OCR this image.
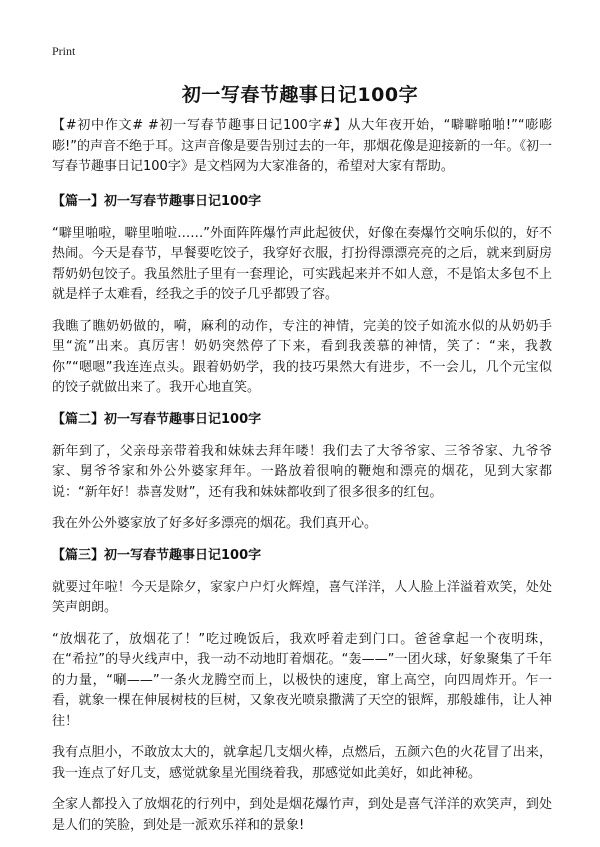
Print
初一写春节趣事日记100字

【#初中作文# #初一写春节趣事日记100字#】从大年夜开始，“噼噼啪啪!”“嘭嘭嘭!”的声音不绝于耳。这声音像是要告别过去的一年，那烟花像是迎接新的一年。《初一写春节趣事日记100字》是文档网为大家准备的，希望对大家有帮助。

【篇一】初一写春节趣事日记100字

“噼里啪啦，噼里啪啦……”外面阵阵爆竹声此起彼伏，好像在奏爆竹交响乐似的，好不热闹。今天是春节，早餐要吃饺子，我穿好衣服，打扮得漂漂亮亮的之后，就来到厨房帮奶奶包饺子。我虽然肚子里有一套理论，可实践起来并不如人意，不是馅太多包不上就是样子太难看，经我之手的饺子几乎都毁了容。

我瞧了瞧奶奶做的，嗬，麻利的动作，专注的神情，完美的饺子如流水似的从奶奶手里“流”出来。真厉害！奶奶突然停了下来，看到我羡慕的神情，笑了：“来，我教你”“嗯嗯”我连连点头。跟着奶奶学，我的技巧果然大有进步，不一会儿，几个元宝似的饺子就做出来了。我开心地直笑。

【篇二】初一写春节趣事日记100字

新年到了，父亲母亲带着我和妹妹去拜年喽！我们去了大爷爷家、三爷爷家、九爷爷家、舅爷爷家和外公外婆家拜年。一路放着很响的鞭炮和漂亮的烟花，见到大家都说：“新年好！恭喜发财”，还有我和妹妹都收到了很多很多的红包。

我在外公外婆家放了好多好多漂亮的烟花。我们真开心。

【篇三】初一写春节趣事日记100字

就要过年啦！今天是除夕，家家户户灯火辉煌，喜气洋洋，人人脸上洋溢着欢笑，处处笑声朗朗。

“放烟花了，放烟花了！”吃过晚饭后，我欢呼着走到门口。爸爸拿起一个夜明珠，在“希拉”的导火线声中，我一动不动地盯着烟花。“轰——”一团火球，好象聚集了千年的力量，“唰——”一条火龙腾空而上，以极快的速度，窜上高空，向四周炸开。乍一看，就象一棵在伸展树枝的巨树，又象夜光喷泉撒满了天空的银辉，那般雄伟，让人神往！

我有点胆小，不敢放太大的，就拿起几支烟火棒，点燃后，五颜六色的火花冒了出来，我一连点了好几支，感觉就象星光围绕着我，那感觉如此美好，如此神秘。

全家人都投入了放烟花的行列中，到处是烟花爆竹声，到处是喜气洋洋的欢笑声，到处是人们的笑脸，到处是一派欢乐祥和的景象!
